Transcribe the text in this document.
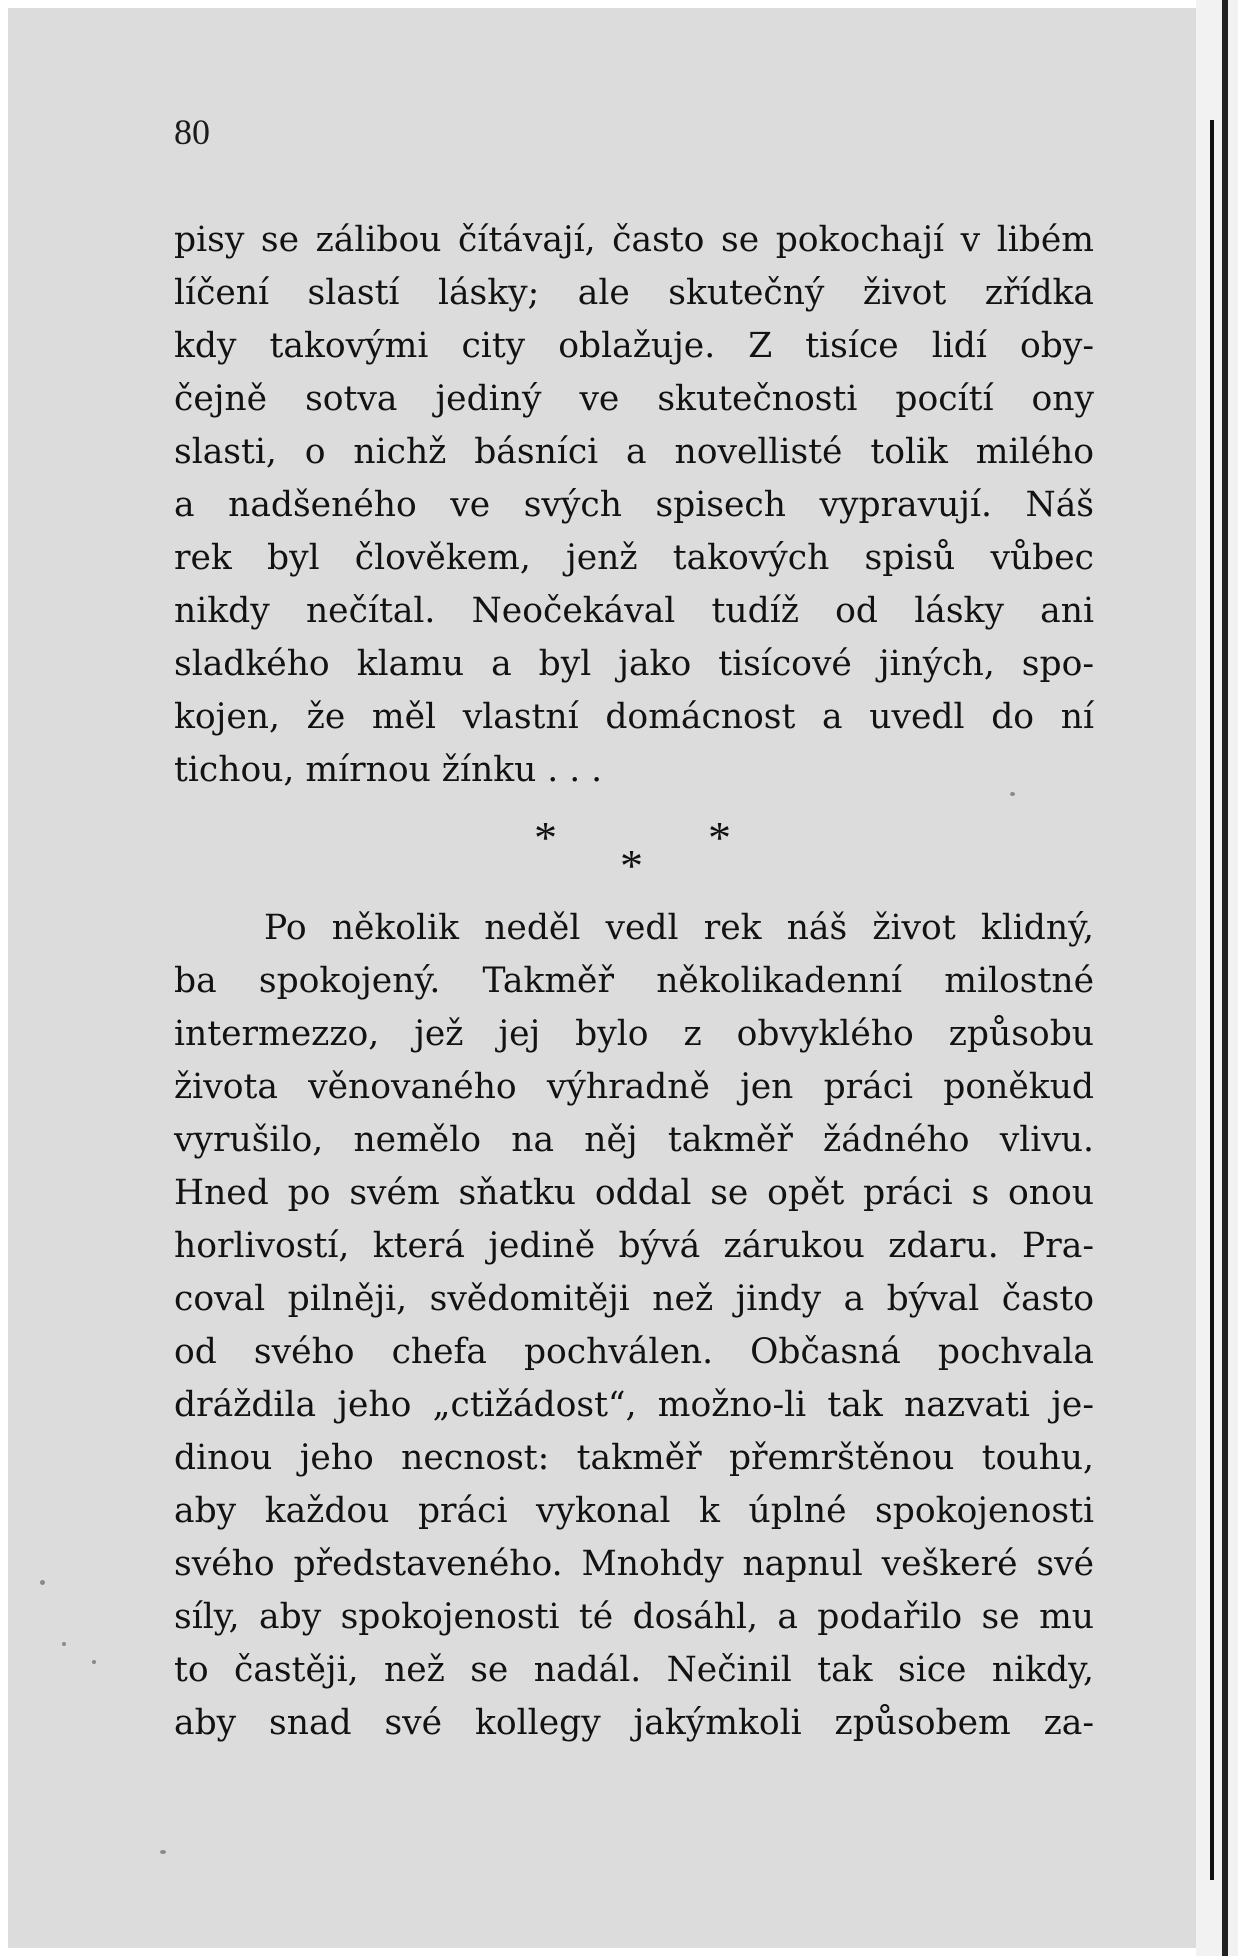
80
pisy se zálibou čítávají, často se pokochají v libém
líčení slastí lásky; ale skutečný život zřídka
kdy takovými city oblažuje. Z tisíce lidí oby-
čejně sotva jediný ve skutečnosti pocítí ony
slasti, o nichž básníci a novellisté tolik milého
a nadšeného ve svých spisech vypravují. Náš
rek byl člověkem, jenž takových spisů vůbec
nikdy nečítal. Neočekával tudíž od lásky ani
sladkého klamu a byl jako tisícové jiných, spo-
kojen, že měl vlastní domácnost a uvedl do ní
tichou, mírnou žínku . . .
*	*
*
Po několik neděl vedl rek náš život klidný,
ba spokojený. Takměř několikadenní milostné
intermezzo, jež jej bylo z obvyklého způsobu
života věnovaného výhradně jen práci poněkud
vyrušilo, nemělo na něj takměř žádného vlivu.
Hned po svém sňatku oddal se opět práci s onou
horlivostí, která jedině bývá zárukou zdaru. Pra-
coval pilněji, svědomitěji než jindy a býval často
od svého chefa pochválen. Občasná pochvala
dráždila jeho „ctižádost“, možno-li tak nazvati je-
dinou jeho necnost: takměř přemrštěnou touhu,
aby každou práci vykonal k úplné spokojenosti
svého představeného. Mnohdy napnul veškeré své
síly, aby spokojenosti té dosáhl, a podařilo se mu
to častěji, než se nadál. Nečinil tak sice nikdy,
aby snad své kollegy jakýmkoli způsobem za-
